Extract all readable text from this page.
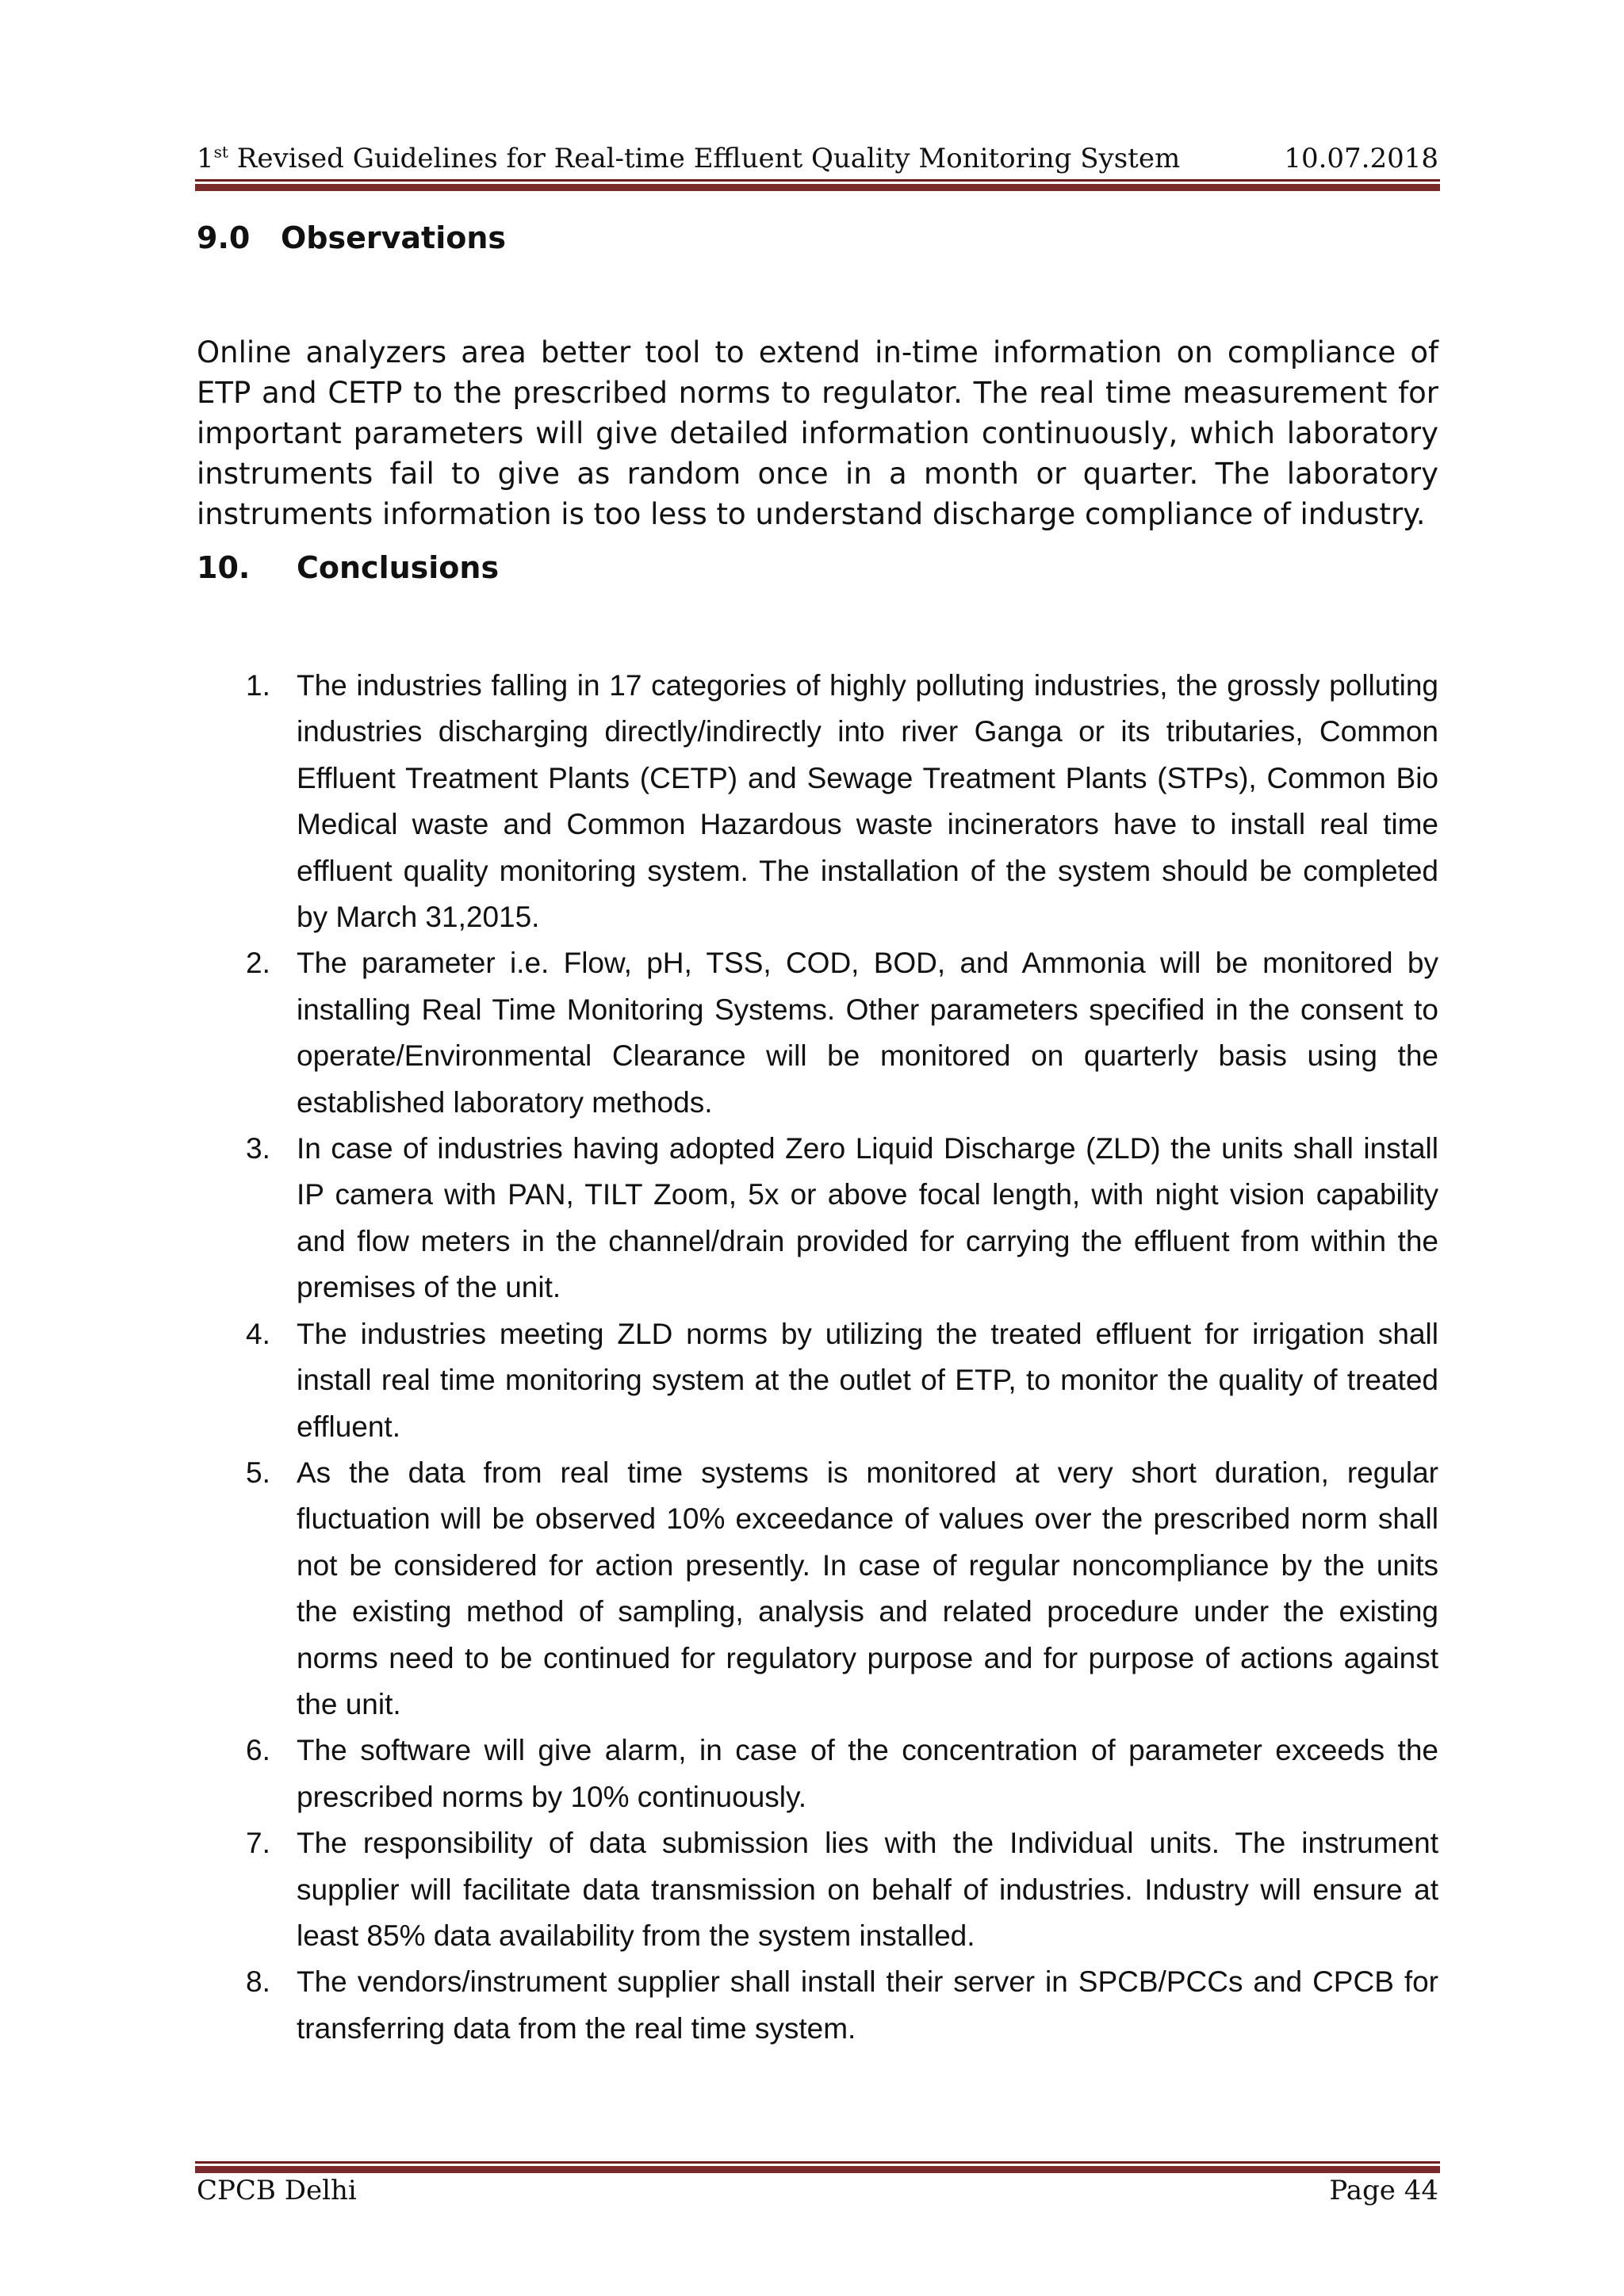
1st Revised Guidelines for Real-time Effluent Quality Monitoring System	10.07.2018
9.0 Observations

Online analyzers area better tool to extend in-time information on compliance of ETP and CETP to the prescribed norms to regulator. The real time measurement for important parameters will give detailed information continuously, which laboratory instruments fail to give as random once in a month or quarter. The laboratory instruments information is too less to understand discharge compliance of industry.

10. Conclusions
1. The industries falling in 17 categories of highly polluting industries, the grossly polluting industries discharging directly/indirectly into river Ganga or its tributaries, Common Effluent Treatment Plants (CETP) and Sewage Treatment Plants (STPs), Common Bio Medical waste and Common Hazardous waste incinerators have to install real time effluent quality monitoring system. The installation of the system should be completed by March 31,2015.
2. The parameter i.e. Flow, pH, TSS, COD, BOD, and Ammonia will be monitored by installing Real Time Monitoring Systems. Other parameters specified in the consent to operate/Environmental Clearance will be monitored on quarterly basis using the established laboratory methods.
3. In case of industries having adopted Zero Liquid Discharge (ZLD) the units shall install IP camera with PAN, TILT Zoom, 5x or above focal length, with night vision capability and flow meters in the channel/drain provided for carrying the effluent from within the premises of the unit.
4. The industries meeting ZLD norms by utilizing the treated effluent for irrigation shall install real time monitoring system at the outlet of ETP, to monitor the quality of treated effluent.
5. As the data from real time systems is monitored at very short duration, regular fluctuation will be observed 10% exceedance of values over the prescribed norm shall not be considered for action presently. In case of regular noncompliance by the units the existing method of sampling, analysis and related procedure under the existing norms need to be continued for regulatory purpose and for purpose of actions against the unit.
6. The software will give alarm, in case of the concentration of parameter exceeds the prescribed norms by 10% continuously.
7. The responsibility of data submission lies with the Individual units. The instrument supplier will facilitate data transmission on behalf of industries. Industry will ensure at least 85% data availability from the system installed.
8. The vendors/instrument supplier shall install their server in SPCB/PCCs and CPCB for transferring data from the real time system.
CPCB Delhi	Page 44
